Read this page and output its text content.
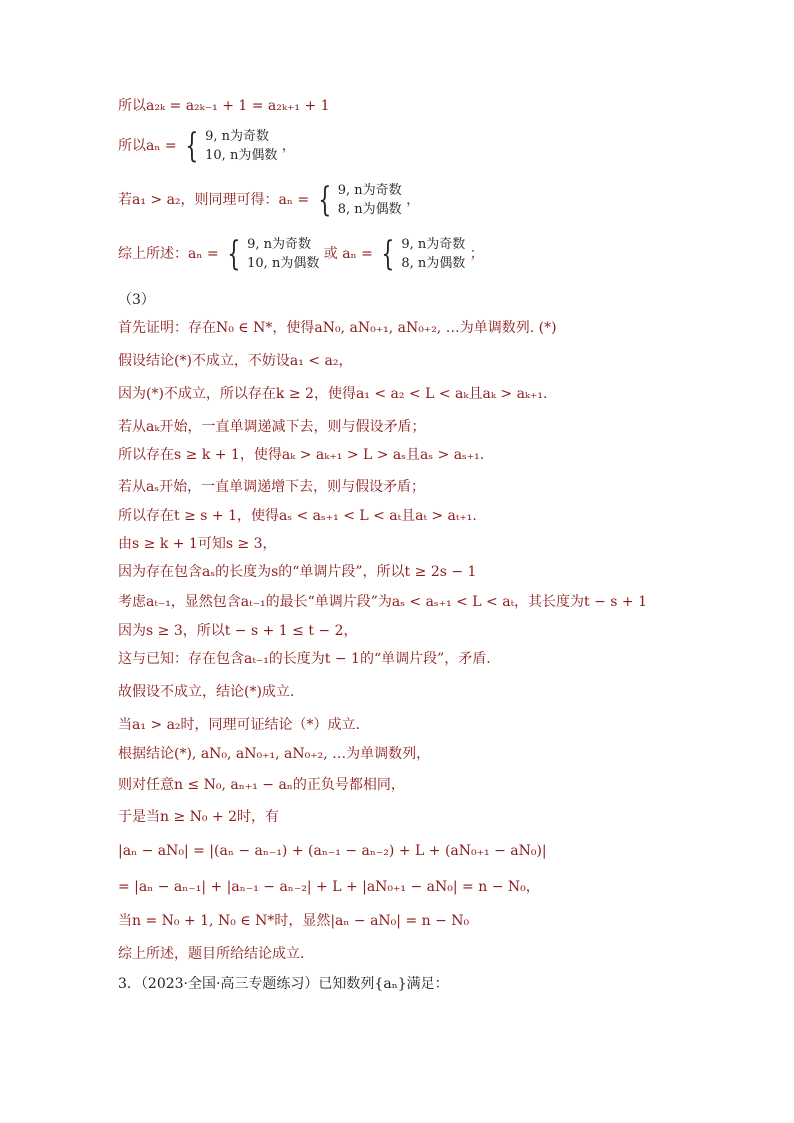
所以a₂ₖ = a₂ₖ₋₁ + 1 = a₂ₖ₊₁ + 1
所以aₙ = { 9, n为奇数
10, n为偶数
，
若a₁ > a₂，则同理可得：aₙ = { 9, n为奇数
8, n为偶数
，
综上所述：aₙ = { 9, n为奇数
10, n为偶数
或 aₙ = { 9, n为奇数
8, n为偶数
；
（3）
首先证明：存在N₀ ∈ N*，使得aN₀, aN₀₊₁, aN₀₊₂, …为单调数列. (*)
假设结论(*)不成立，不妨设a₁ < a₂，
因为(*)不成立，所以存在k ≥ 2，使得a₁ < a₂ < L < aₖ且aₖ > aₖ₊₁.
若从aₖ开始，一直单调递减下去，则与假设矛盾；
所以存在s ≥ k + 1，使得aₖ > aₖ₊₁ > L > aₛ且aₛ > aₛ₊₁.
若从aₛ开始，一直单调递增下去，则与假设矛盾；
所以存在t ≥ s + 1，使得aₛ < aₛ₊₁ < L < aₜ且aₜ > aₜ₊₁.
由s ≥ k + 1可知s ≥ 3，
因为存在包含aₛ的长度为s的“单调片段”，所以t ≥ 2s − 1
考虑aₜ₋₁，显然包含aₜ₋₁的最长“单调片段”为aₛ < aₛ₊₁ < L < aₜ，其长度为t − s + 1
因为s ≥ 3，所以t − s + 1 ≤ t − 2，
这与已知：存在包含aₜ₋₁的长度为t − 1的“单调片段”，矛盾.
故假设不成立，结论(*)成立.
当a₁ > a₂时，同理可证结论（*）成立.
根据结论(*), aN₀, aN₀₊₁, aN₀₊₂, …为单调数列，
则对任意n ≤ N₀, aₙ₊₁ − aₙ的正负号都相同，
于是当n ≥ N₀ + 2时，有
|aₙ − aN₀| = |(aₙ − aₙ₋₁) + (aₙ₋₁ − aₙ₋₂) + L + (aN₀₊₁ − aN₀)|
= |aₙ − aₙ₋₁| + |aₙ₋₁ − aₙ₋₂| + L + |aN₀₊₁ − aN₀| = n − N₀，
当n = N₀ + 1, N₀ ∈ N*时，显然|aₙ − aN₀| = n − N₀
综上所述，题目所给结论成立.
3．（2023·全国·高三专题练习）已知数列{aₙ}满足：
